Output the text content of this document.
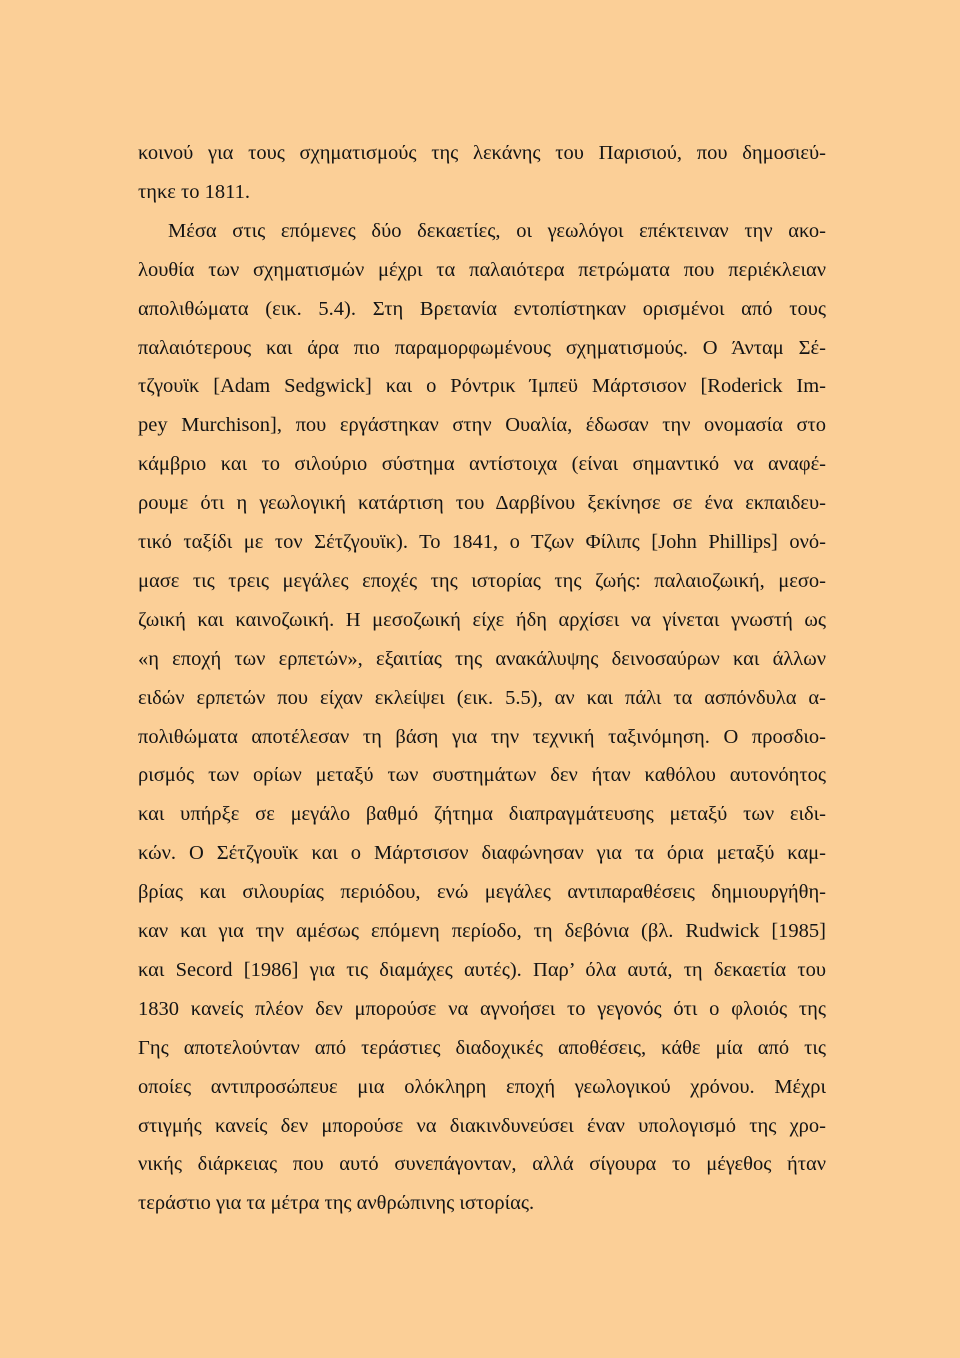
κοινού για τους σχηματισμούς της λεκάνης του Παρισιού, που δημοσιεύ-
τηκε το 1811.
Μέσα στις επόμενες δύο δεκαετίες, οι γεωλόγοι επέκτειναν την ακο-
λουθία των σχηματισμών μέχρι τα παλαιότερα πετρώματα που περιέκλειαν
απολιθώματα (εικ. 5.4). Στη Βρετανία εντοπίστηκαν ορισμένοι από τους
παλαιότερους και άρα πιο παραμορφωμένους σχηματισμούς. Ο Άνταμ Σέ-
τζγουϊκ [Adam Sedgwick] και ο Ρόντρικ Ίμπεϋ Μάρτσισον [Roderick Im-
pey Murchison], που εργάστηκαν στην Ουαλία, έδωσαν την ονομασία στο
κάμβριο και το σιλούριο σύστημα αντίστοιχα (είναι σημαντικό να αναφέ-
ρουμε ότι η γεωλογική κατάρτιση του Δαρβίνου ξεκίνησε σε ένα εκπαιδευ-
τικό ταξίδι με τον Σέτζγουϊκ). Το 1841, ο Τζων Φίλιπς [John Phillips] ονό-
μασε τις τρεις μεγάλες εποχές της ιστορίας της ζωής: παλαιοζωική, μεσο-
ζωική και καινοζωική. Η μεσοζωική είχε ήδη αρχίσει να γίνεται γνωστή ως
«η εποχή των ερπετών», εξαιτίας της ανακάλυψης δεινοσαύρων και άλλων
ειδών ερπετών που είχαν εκλείψει (εικ. 5.5), αν και πάλι τα ασπόνδυλα α-
πολιθώματα αποτέλεσαν τη βάση για την τεχνική ταξινόμηση. Ο προσδιο-
ρισμός των ορίων μεταξύ των συστημάτων δεν ήταν καθόλου αυτονόητος
και υπήρξε σε μεγάλο βαθμό ζήτημα διαπραγμάτευσης μεταξύ των ειδι-
κών. Ο Σέτζγουϊκ και ο Μάρτσισον διαφώνησαν για τα όρια μεταξύ καμ-
βρίας και σιλουρίας περιόδου, ενώ μεγάλες αντιπαραθέσεις δημιουργήθη-
καν και για την αμέσως επόμενη περίοδο, τη δεβόνια (βλ. Rudwick [1985]
και Secord [1986] για τις διαμάχες αυτές). Παρ’ όλα αυτά, τη δεκαετία του
1830 κανείς πλέον δεν μπορούσε να αγνοήσει το γεγονός ότι ο φλοιός της
Γης αποτελούνταν από τεράστιες διαδοχικές αποθέσεις, κάθε μία από τις
οποίες αντιπροσώπευε μια ολόκληρη εποχή γεωλογικού χρόνου. Μέχρι
στιγμής κανείς δεν μπορούσε να διακινδυνεύσει έναν υπολογισμό της χρο-
νικής διάρκειας που αυτό συνεπάγονταν, αλλά σίγουρα το μέγεθος ήταν
τεράστιο για τα μέτρα της ανθρώπινης ιστορίας.
